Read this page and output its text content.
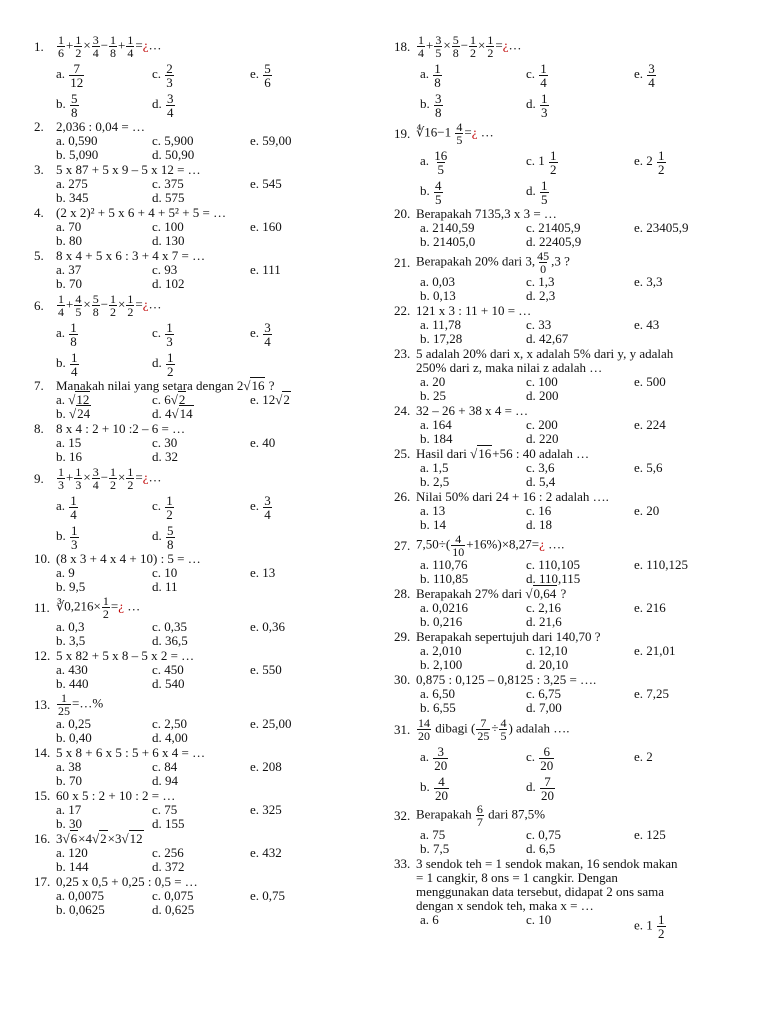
1.	$\frac{1}{6} + \frac{1}{2} \times \frac{3}{4} - \frac{1}{8} + \frac{1}{4}$ =¿…
a. $\frac{7}{12}$	c. $\frac{2}{3}$	e. $\frac{5}{6}$
b. $\frac{5}{8}$	d. $\frac{3}{4}$
2. 2,036 : 0,04 = …
a. 0,590	c. 5,900	e. 59,00
b. 5,090	d. 50,90
3. 5 x 87 + 5 x 9 – 5 x 12 = …
a. 275	c. 375	e. 545
b. 345	d. 575
4. (2 x 2)² + 5 x 6 + 4 + 5² + 5 = …
a. 70	c. 100	e. 160
b. 80	d. 130
5. 8 x 4 + 5 x 6 : 3 + 4 x 7 = …
a. 37	c. 93	e. 111
b. 70	d. 102
6.	$\frac{1}{4} + \frac{4}{5} \times \frac{5}{8} - \frac{1}{2} \times \frac{1}{2}$ =¿…
a. $\frac{1}{8}$	c. $\frac{1}{3}$	e. $\frac{3}{4}$
b. $\frac{1}{4}$	d. $\frac{1}{2}$
7. Manakah nilai yang setara dengan 2√16 ?
a. √12	c. 6√2	e. 12√2
b. √24	d. 4√14
8. 8 x 4 : 2 + 10 :2 – 6 = …
a. 15	c. 30	e. 40
b. 16	d. 32
9.	$\frac{1}{3} + \frac{1}{3} \times \frac{3}{4} - \frac{1}{2} \times \frac{1}{2}$ =¿…
a. $\frac{1}{4}$	c. $\frac{1}{2}$	e. $\frac{3}{4}$
b. $\frac{1}{3}$	d. $\frac{5}{8}$
10. (8 x 3 + 4 x 4 + 10) : 5 = …
a. 9	c. 10	e. 13
b. 9,5	d. 11
11. ∛0,216× $\frac{1}{2}$ =¿ …
a. 0,3	c. 0,35	e. 0,36
b. 3,5	d. 36,5
12. 5 x 82 + 5 x 8 – 5 x 2 = …
a. 430	c. 450	e. 550
b. 440	d. 540
13. $\frac{1}{25}$ =…%
a. 0,25	c. 2,50	e. 25,00
b. 0,40	d. 4,00
14. 5 x 8 + 6 x 5 : 5 + 6 x 4 = …
a. 38	c. 84	e. 208
b. 70	d. 94
15. 60 x 5 : 2 + 10 : 2 = …
a. 17	c. 75	e. 325
b. 30	d. 155
16. 3√6×4√2×3√12
a. 120	c. 256	e. 432
b. 144	d. 372
17. 0,25 x 0,5 + 0,25 : 0,5 = …
a. 0,0075	c. 0,075	e. 0,75
b. 0,0625	d. 0,625
18. $\frac{1}{4} + \frac{3}{5} \times \frac{5}{8} - \frac{1}{2} \times \frac{1}{2}$ =¿…
a. $\frac{1}{8}$	c. $\frac{1}{4}$	e. $\frac{3}{4}$
b. $\frac{3}{8}$	d. $\frac{1}{3}$
19. ∜16−1 $\frac{4}{5}$ =¿ …
a. $\frac{16}{5}$	c. $1 \frac{1}{2}$	e. $2 \frac{1}{2}$
b. $\frac{4}{5}$	d. $\frac{1}{5}$
20. Berapakah 7135,3 x 3 = …
a. 2140,59	c. 21405,9	e. 23405,9
b. 21405,0	d. 22405,9
21. Berapakah 20% dari 3, $\frac{45}{0} ,3$ ?
a. 0,03	c. 1,3	e. 3,3
b. 0,13	d. 2,3
22. 121 x 3 : 11 + 10 = …
a. 11,78	c. 33	e. 43
b. 17,28	d. 42,67
23. 5 adalah 20% dari x, x adalah 5% dari y, y adalah
250% dari z, maka nilai z adalah …
a. 20	c. 100	e. 500
b. 25	d. 200
24. 32 – 26 + 38 x 4 = …
a. 164	c. 200	e. 224
b. 184	d. 220
25. Hasil dari √16+56 : 40 adalah …
a. 1,5	c. 3,6	e. 5,6
b. 2,5	d. 5,4
26. Nilai 50% dari 24 + 16 : 2 adalah ….
a. 13	c. 16	e. 20
b. 14	d. 18
27. $7,50\div( \frac{4}{10}$ +16%)×8,27=¿ ….
a. 110,76	c. 110,105	e. 110,125
b. 110,85	d. 110,115
28. Berapakah 27% dari √0,64 ?
a. 0,0216	c. 2,16	e. 216
b. 0,216	d. 21,6
29. Berapakah sepertujuh dari 140,70 ?
a. 2,010	c. 12,10	e. 21,01
b. 2,100	d. 20,10
30. 0,875 : 0,125 – 0,8125 : 3,25 = ….
a. 6,50	c. 6,75	e. 7,25
b. 6,55	d. 7,00
31. $\frac{14}{20}$ dibagi ( $\frac{7}{25} \div \frac{4}{5}$ ) adalah ….
a. $\frac{3}{20}$	c. $\frac{6}{20}$	e. 2
b. $\frac{4}{20}$	d. $\frac{7}{20}$
32. Berapakah $\frac{6}{7}$ dari 87,5%
a. 75	c. 0,75	e. 125
b. 7,5	d. 6,5
33. 3 sendok teh = 1 sendok makan, 16 sendok makan
= 1 cangkir, 8 ons = 1 cangkir. Dengan
menggunakan data tersebut, didapat 2 ons sama
dengan x sendok teh, maka x = …
a. 6	c. 10	e. $1 \frac{1}{2}$
